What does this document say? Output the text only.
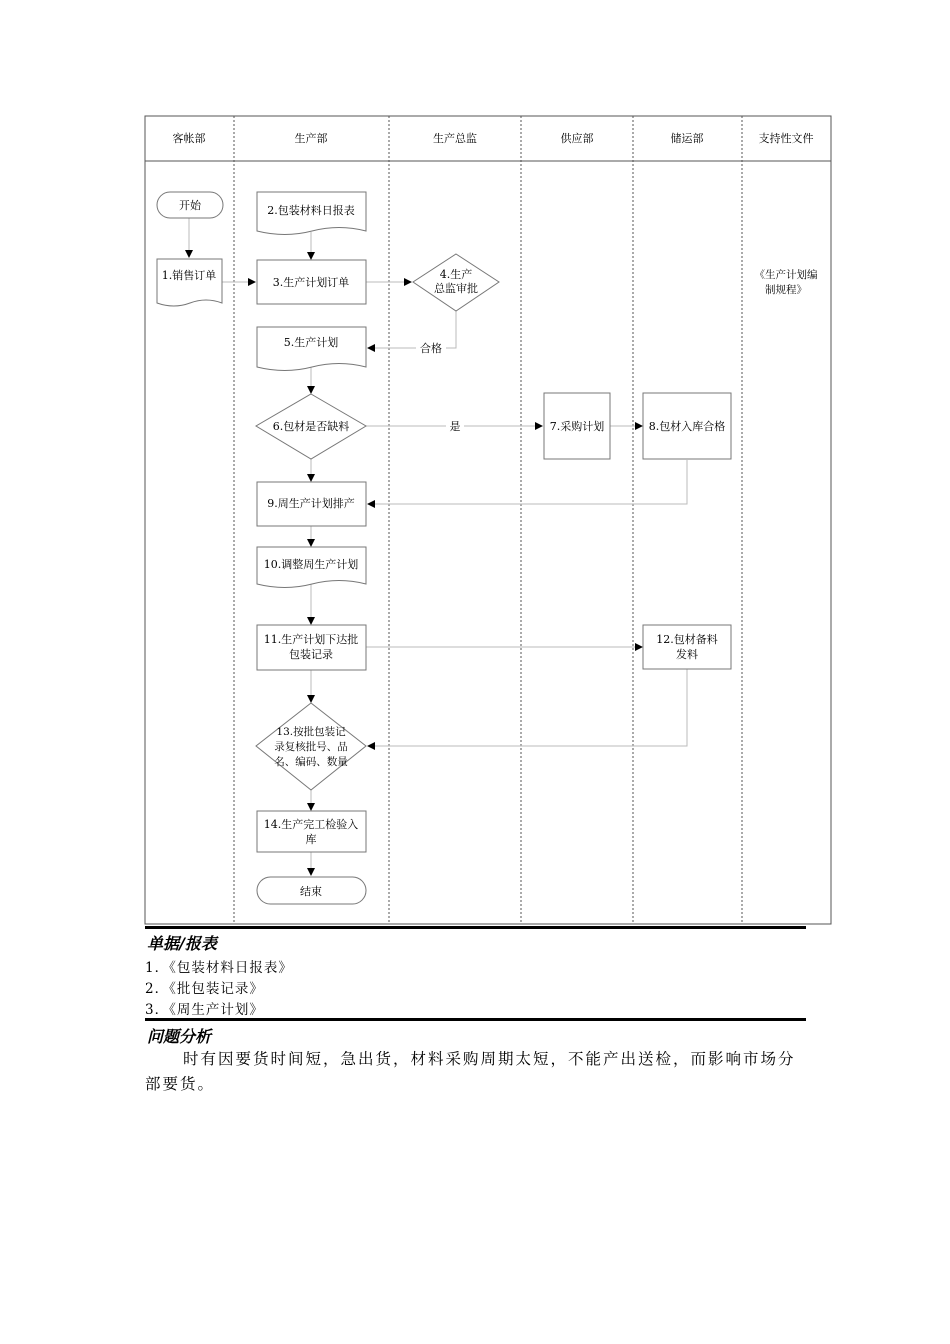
客帐部	生产部	生产总监	供应部	储运部	支持性文件
合格
是
开始
1.销售订单
2.包装材料日报表
3.生产计划订单
4.生产
总监审批
5.生产计划
6.包材是否缺料	7.采购计划	8.包材入库合格
9.周生产计划排产
10.调整周生产计划
11.生产计划下达批
包装记录
12.包材备料
发料
13.按批包装记
录复核批号、品
名、编码、数量
14.生产完工检验入
库
结束
《生产计划编
制规程》
单据/报表
1．《包装材料日报表》
2．《批包装记录》
3．《周生产计划》
问题分析

时有因要货时间短，急出货，材料采购周期太短，不能产出送检，而影响市场分部要货。
